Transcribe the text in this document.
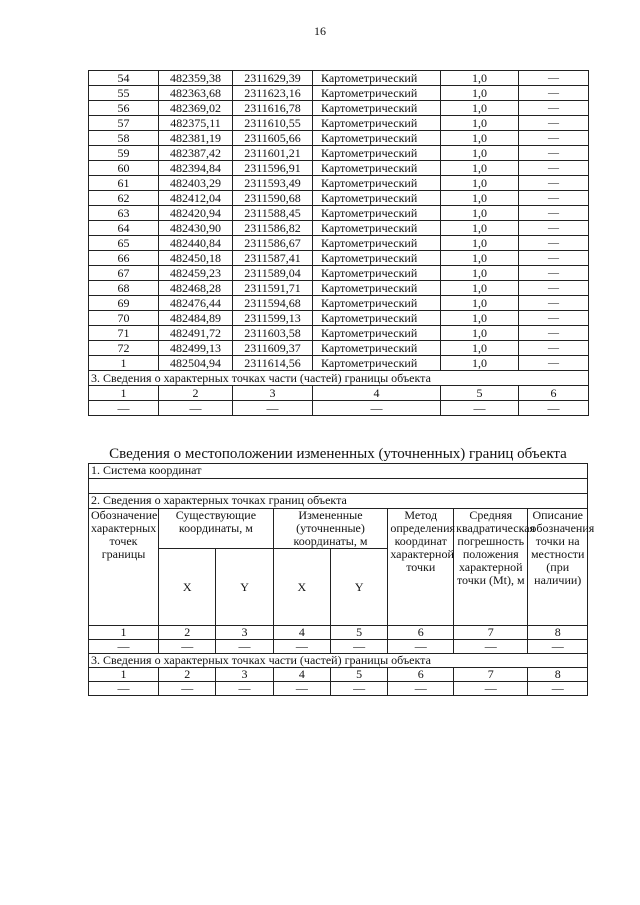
16
54	482359,38	2311629,39	Картометрический	1,0	—
55	482363,68	2311623,16	Картометрический	1,0	—
56	482369,02	2311616,78	Картометрический	1,0	—
57	482375,11	2311610,55	Картометрический	1,0	—
58	482381,19	2311605,66	Картометрический	1,0	—
59	482387,42	2311601,21	Картометрический	1,0	—
60	482394,84	2311596,91	Картометрический	1,0	—
61	482403,29	2311593,49	Картометрический	1,0	—
62	482412,04	2311590,68	Картометрический	1,0	—
63	482420,94	2311588,45	Картометрический	1,0	—
64	482430,90	2311586,82	Картометрический	1,0	—
65	482440,84	2311586,67	Картометрический	1,0	—
66	482450,18	2311587,41	Картометрический	1,0	—
67	482459,23	2311589,04	Картометрический	1,0	—
68	482468,28	2311591,71	Картометрический	1,0	—
69	482476,44	2311594,68	Картометрический	1,0	—
70	482484,89	2311599,13	Картометрический	1,0	—
71	482491,72	2311603,58	Картометрический	1,0	—
72	482499,13	2311609,37	Картометрический	1,0	—
1	482504,94	2311614,56	Картометрический	1,0	—
3. Сведения о характерных точках части (частей) границы объекта					
1	2	3	4	5	6
—	—	—	—	—	—
Сведения о местоположении измененных (уточненных) границ объекта
1. Система координат							

2. Сведения о характерных точках границ объекта							
Обозначение характерных точек границы	Существующие координаты, м		Измененные (уточненные) координаты, м		Метод определения координат характерной точки	Средняя квадратическая погрешность положения характерной точки (Mt), м	Описание обозначения точки на местности (при наличии)
	X	Y	X	Y			
1	2	3	4	5	6	7	8
—	—	—	—	—	—	—	—
3. Сведения о характерных точках части (частей) границы объекта							
1	2	3	4	5	6	7	8
—	—	—	—	—	—	—	—
